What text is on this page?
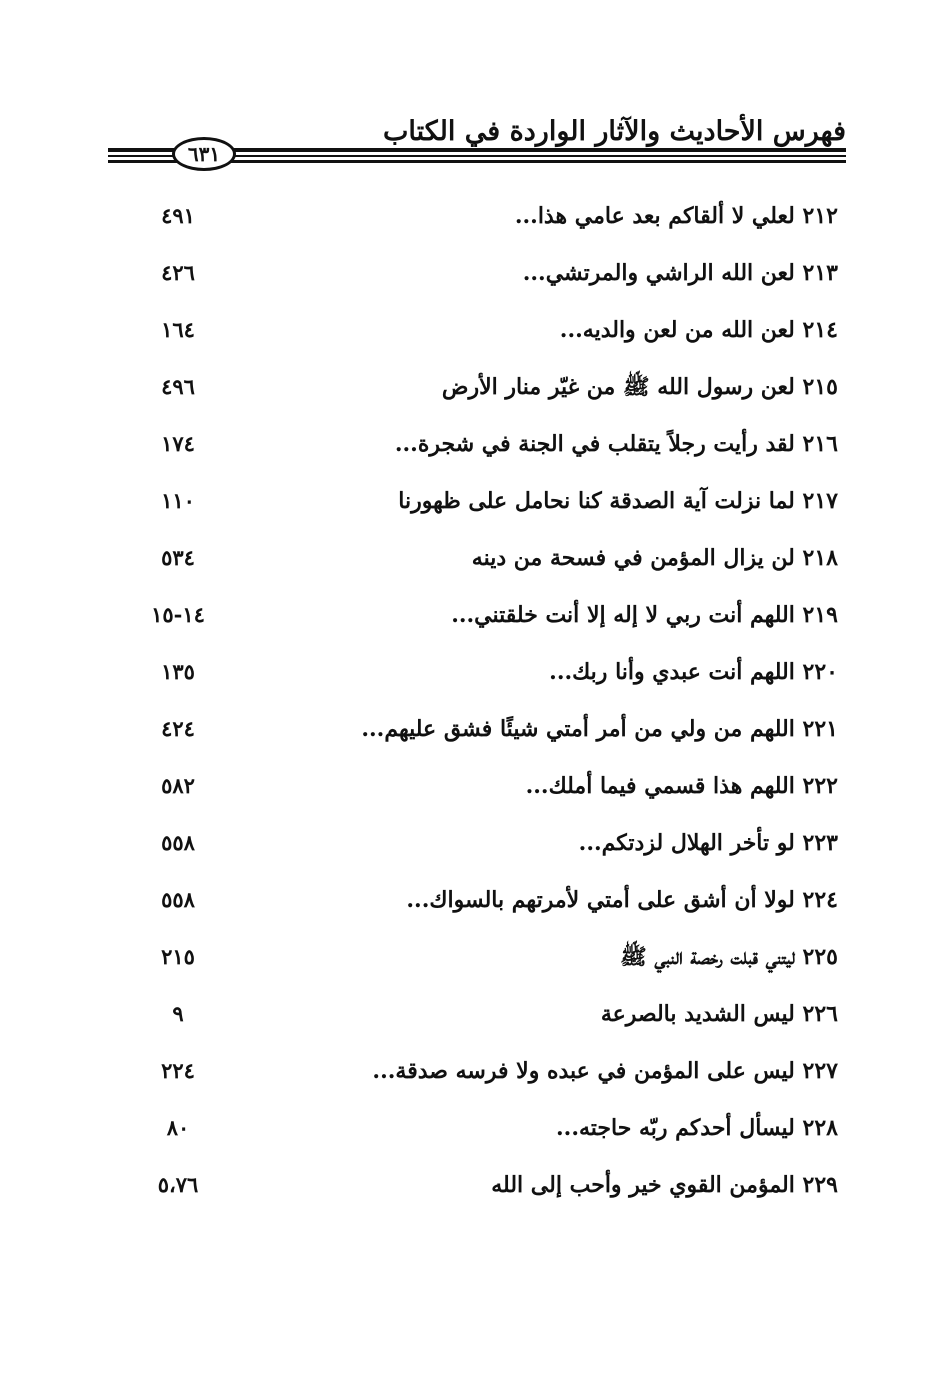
فهرس الأحاديث والآثار الواردة في الكتاب
٦٣١
٢١٢ لعلي لا ألقاكم بعد عامي هذا...
٤٩١
٢١٣ لعن الله الراشي والمرتشي...
٤٢٦
٢١٤ لعن الله من لعن والديه...
١٦٤
٢١٥ لعن رسول الله ﷺ من غيّر منار الأرض
٤٩٦
٢١٦ لقد رأيت رجلاً يتقلب في الجنة في شجرة...
١٧٤
٢١٧ لما نزلت آية الصدقة كنا نحامل على ظهورنا
١١٠
٢١٨ لن يزال المؤمن في فسحة من دينه
٥٣٤
٢١٩ اللهم أنت ربي لا إله إلا أنت خلقتني...
١٤-١٥
٢٢٠ اللهم أنت عبدي وأنا ربك...
١٣٥
٢٢١ اللهم من ولي من أمر أمتي شيئًا فشق عليهم...
٤٢٤
٢٢٢ اللهم هذا قسمي فيما أملك...
٥٨٢
٢٢٣ لو تأخر الهلال لزدتكم...
٥٥٨
٢٢٤ لولا أن أشق على أمتي لأمرتهم بالسواك...
٥٥٨
٢٢٥ ليتني قبلت رخصة النبي ﷺ
٢١٥
٢٢٦ ليس الشديد بالصرعة
٩
٢٢٧ ليس على المؤمن في عبده ولا فرسه صدقة...
٢٢٤
٢٢٨ ليسأل أحدكم ربّه حاجته...
٨٠
٢٢٩ المؤمن القوي خير وأحب إلى الله
٥،٧٦
